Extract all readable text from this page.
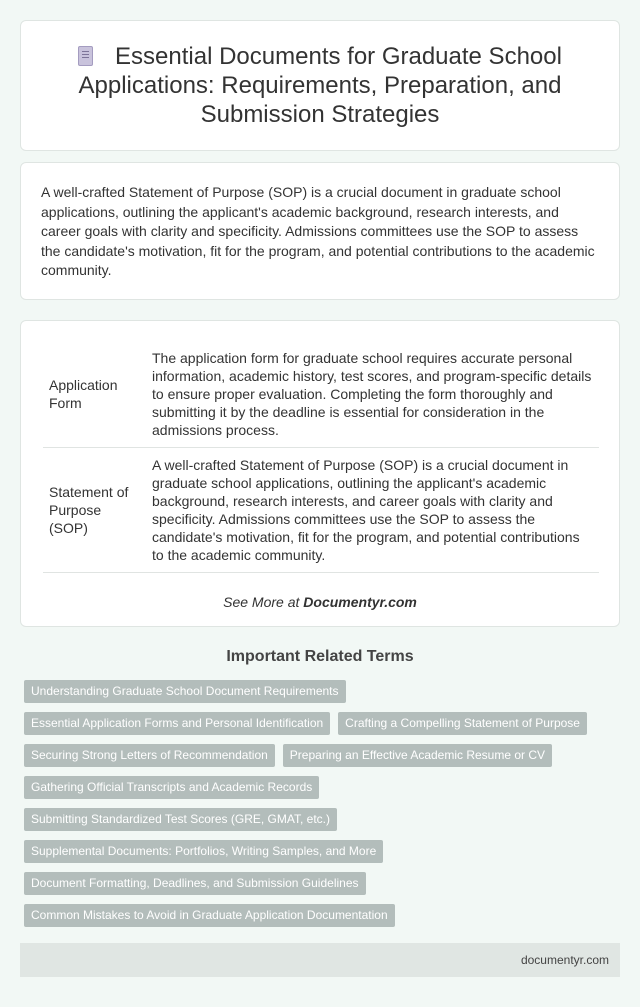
Essential Documents for Graduate School Applications: Requirements, Preparation, and Submission Strategies

A well-crafted Statement of Purpose (SOP) is a crucial document in graduate school applications, outlining the applicant's academic background, research interests, and career goals with clarity and specificity. Admissions committees use the SOP to assess the candidate's motivation, fit for the program, and potential contributions to the academic community.

Application Form	The application form for graduate school requires accurate personal information, academic history, test scores, and program-specific details to ensure proper evaluation. Completing the form thoroughly and submitting it by the deadline is essential for consideration in the admissions process.
Statement of Purpose (SOP)	A well-crafted Statement of Purpose (SOP) is a crucial document in graduate school applications, outlining the applicant's academic background, research interests, and career goals with clarity and specificity. Admissions committees use the SOP to assess the candidate's motivation, fit for the program, and potential contributions to the academic community.

See More at Documentyr.com

Important Related Terms
Understanding Graduate School Document Requirements
Essential Application Forms and Personal Identification	Crafting a Compelling Statement of Purpose
Securing Strong Letters of Recommendation	Preparing an Effective Academic Resume or CV
Gathering Official Transcripts and Academic Records
Submitting Standardized Test Scores (GRE, GMAT, etc.)
Supplemental Documents: Portfolios, Writing Samples, and More
Document Formatting, Deadlines, and Submission Guidelines
Common Mistakes to Avoid in Graduate Application Documentation
documentyr.com
